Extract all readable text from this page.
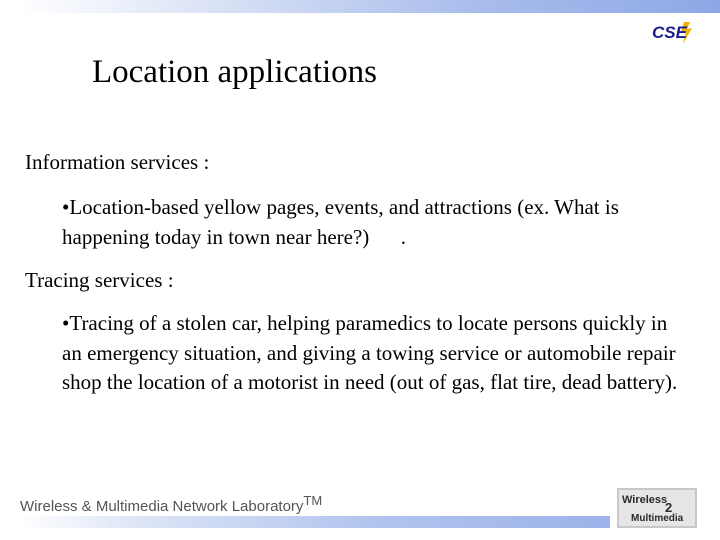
CSE
Location applications

Information services :

•Location-based yellow pages, events, and attractions (ex. What is happening today in town near here?)      .

Tracing services :

•Tracing of a stolen car, helping paramedics to locate persons quickly in an emergency situation, and giving a towing service or automobile repair shop the location of a motorist in need (out of gas, flat tire, dead battery).

Wireless & Multimedia Network Laboratory™	Wireless
2
Multimedia
